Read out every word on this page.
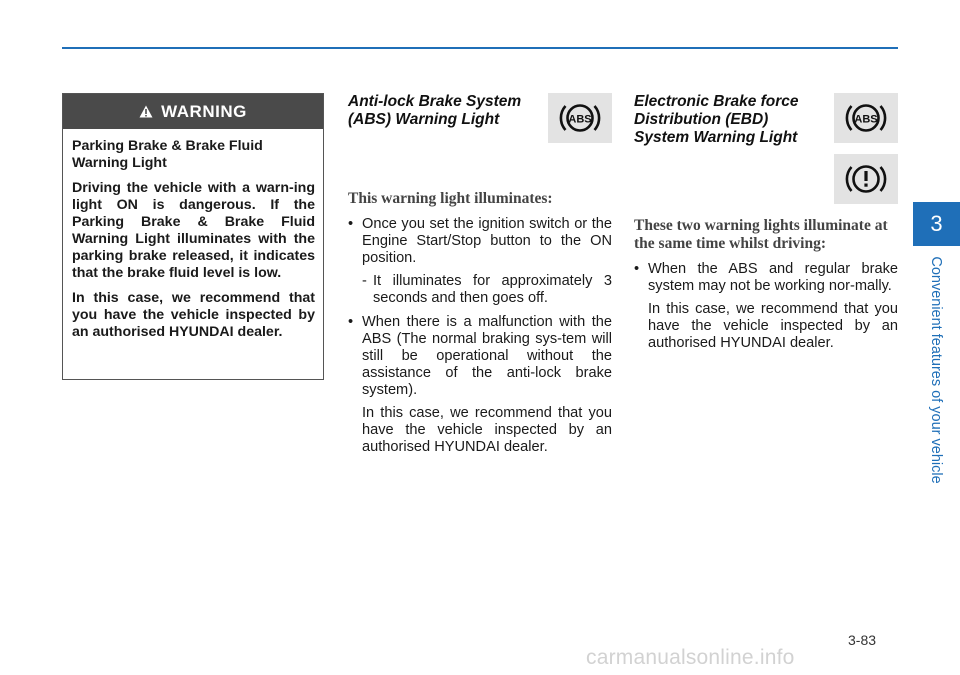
WARNING

Parking Brake & Brake Fluid Warning Light

Driving the vehicle with a warn-ing light ON is dangerous. If the Parking Brake & Brake Fluid Warning Light illuminates with the parking brake released, it indicates that the brake fluid level is low.

In this case, we recommend that you have the vehicle inspected by an authorised HYUNDAI dealer.

Anti-lock Brake System (ABS) Warning Light	ABS

This warning light illuminates:

• Once you set the ignition switch or the Engine Start/Stop button to the ON position.
- It illuminates for approximately 3 seconds and then goes off.
• When there is a malfunction with the ABS (The normal braking sys-tem will still be operational without the assistance of the anti-lock brake system).

In this case, we recommend that you have the vehicle inspected by an authorised HYUNDAI dealer.

Electronic Brake force Distribution (EBD) System Warning Light
ABS

These two warning lights illuminate at the same time whilst driving:

• When the ABS and regular brake system may not be working nor-mally.

In this case, we recommend that you have the vehicle inspected by an authorised HYUNDAI dealer.

3
Convenient features of your vehicle
3-83
carmanualsonline.info
